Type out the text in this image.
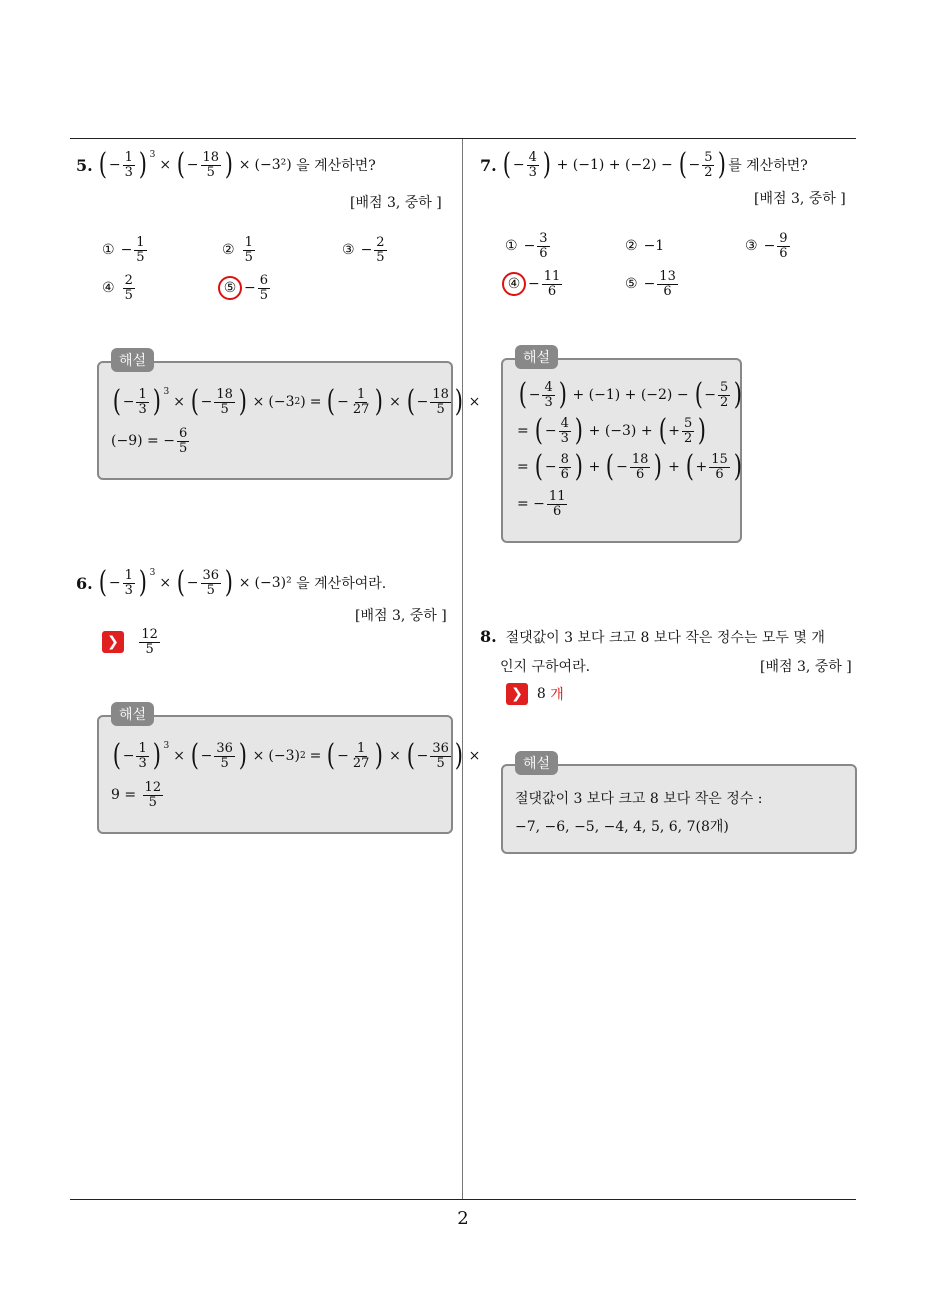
2
5.
( − $\frac{1}{3}$ ) 3
× ( − $\frac{18}{5}$ ) × (−3²)
을 계산하면?
[배점 3, 중하 ]
① − $\frac{1}{5}$	② $\frac{1}{5}$	③ − $\frac{2}{5}$
④ $\frac{2}{5}$	⑤ − $\frac{6}{5}$
( − $\frac{1}{3}$ ) 3
× ( − $\frac{18}{5}$ ) × (−3 2 ) = ( − $\frac{1}{27}$ ) × ( − $\frac{18}{5}$ ) ×
(−9) = − $\frac{6}{5}$
해설
6.
( − $\frac{1}{3}$ ) 3
× ( − $\frac{36}{5}$ ) × (−3)²
을 계산하여라.
[배점 3, 중하 ]
❯
	$\frac{12}{5}$
( − $\frac{1}{3}$ ) 3
× ( − $\frac{36}{5}$ ) × (−3) 2 = ( − $\frac{1}{27}$ ) × ( − $\frac{36}{5}$ ) ×
9 =
$\frac{12}{5}$
해설
7.
( − $\frac{4}{3}$ ) + (−1) + (−2) − ( − $\frac{5}{2}$ ) 를 계산하면?
[배점 3, 중하 ]
① − $\frac{3}{6}$	② −1	③ − $\frac{9}{6}$
④ − $\frac{11}{6}$	⑤ − $\frac{13}{6}$
( − $\frac{4}{3}$ ) + (−1) + (−2) − ( − $\frac{5}{2}$ )
= ( − $\frac{4}{3}$ ) + (−3) + ( + $\frac{5}{2}$ )
= ( − $\frac{8}{6}$ ) + ( − $\frac{18}{6}$ ) + ( + $\frac{15}{6}$ )
= − $\frac{11}{6}$
해설
8. 절댓값이 3 보다 크고 8 보다 작은 정수는 모두 몇 개
인지 구하여라.	[배점 3, 중하 ]
❯
	8
개
절댓값이 3 보다 크고 8 보다 작은 정수 :
−7, −6, −5, −4, 4, 5, 6, 7(8개)
해설
